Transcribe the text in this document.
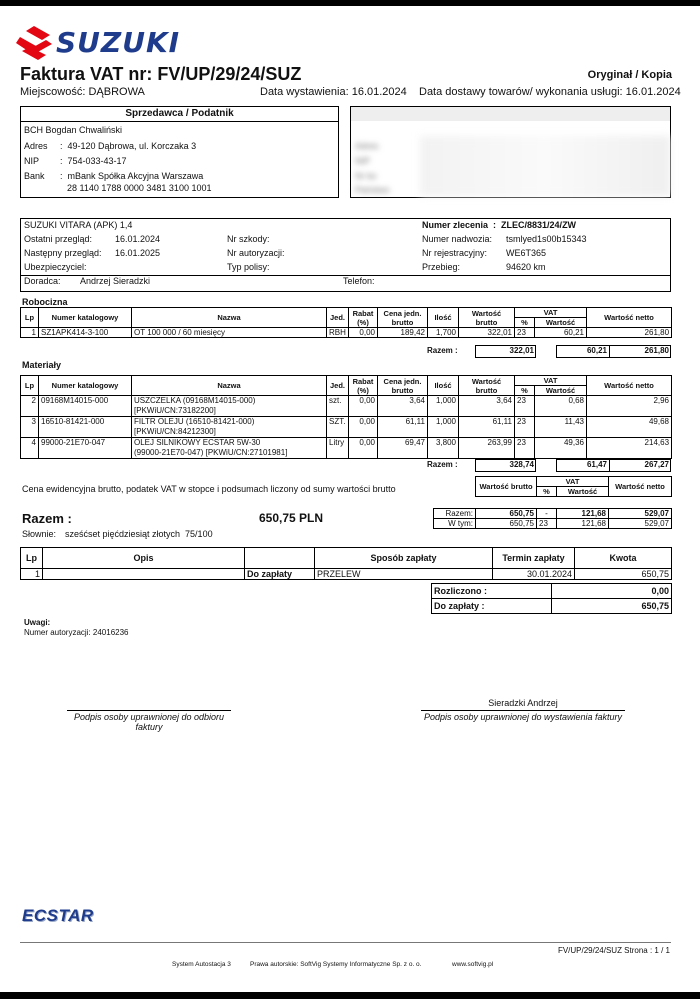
SUZUKI
Faktura VAT nr: FV/UP/29/24/SUZ	Oryginał / Kopia
Miejscowość: DĄBROWA	Data wystawienia: 16.01.2024 Data dostawy towarów/ wykonania usługi: 16.01.2024
Sprzedawca / Podatnik
BCH Bogdan Chwaliński
Adres :  49-120 Dąbrowa, ul. Korczaka 3
NIP :  754-033-43-17
Bank :  mBank Spółka Akcyjna Warszawa
28 1140 1788 0000 3481 3100 1001
Adres
NIP
Nr ko
Państwo
SUZUKI VITARA (APK) 1,4
Ostatni przegląd:	16.01.2024
Następny przegląd: 16.01.2025
Ubezpieczyciel:
Doradca: Andrzej Sieradzki
Nr szkody:
Nr autoryzacji:
Typ polisy:
Telefon:
Numer zlecenia  :  ZLEC/8831/24/ZW
Numer nadwozia: tsmlyed1s00b15343
Nr rejestracyjny: WE6T365
Przebieg:	94620 km
Robocizna
Lp	Numer katalogowy	Nazwa	Jed.	Rabat (%)	Cena jedn. brutto	Ilość	Wartość brutto	VAT		Wartość netto
								%	Wartość	
1	SZ1APK414-3-100	OT 100 000 / 60 miesięcy	RBH	0,00	189,42	1,700	322,01	23	60,21	261,80
Razem :	322,01	60,21	261,80
Materiały
Lp	Numer katalogowy	Nazwa	Jed.	Rabat (%)	Cena jedn. brutto	Ilość	Wartość brutto	VAT		Wartość netto
								%	Wartość	
2	09168M14015-000	USZCZELKA (09168M14015-000)
[PKWiU/CN:73182200]	szt.	0,00	3,64	1,000	3,64	23	0,68	2,96
3	16510-81421-000	FILTR OLEJU (16510-81421-000)
[PKWiU/CN:84212300]	SZT.	0,00	61,11	1,000	61,11	23	11,43	49,68
4	99000-21E70-047	OLEJ SILNIKOWY ECSTAR 5W-30
(99000-21E70-047) [PKWiU/CN:27101981]	Litry	0,00	69,47	3,800	263,99	23	49,36	214,63
Razem :	328,74	61,47	267,27
Cena ewidencyjna brutto, podatek VAT w stopce i podsumach liczony od sumy wartości brutto	Wartość brutto	VAT		Wartość netto
	%	Wartość	
Razem:	650,75	-	121,68	529,07
W tym:	650,75	23	121,68	529,07
Razem :	650,75 PLN
Słownie: sześćset pięćdziesiąt złotych  75/100
Lp	Opis		Sposób zapłaty	Termin zapłaty	Kwota
1		Do zapłaty	PRZELEW	30.01.2024	650,75
Rozliczono :	0,00
Do zapłaty :	650,75
Uwagi:
Numer autoryzacji: 24016236
Podpis osoby uprawnionej do odbioru faktury
Sieradzki Andrzej
Podpis osoby uprawnionej do wystawienia faktury
ECSTAR
FV/UP/29/24/SUZ Strona : 1 / 1
System Autostacja 3	Prawa autorskie: SoftVig Systemy Informatyczne Sp. z o. o.	www.softvig.pl
